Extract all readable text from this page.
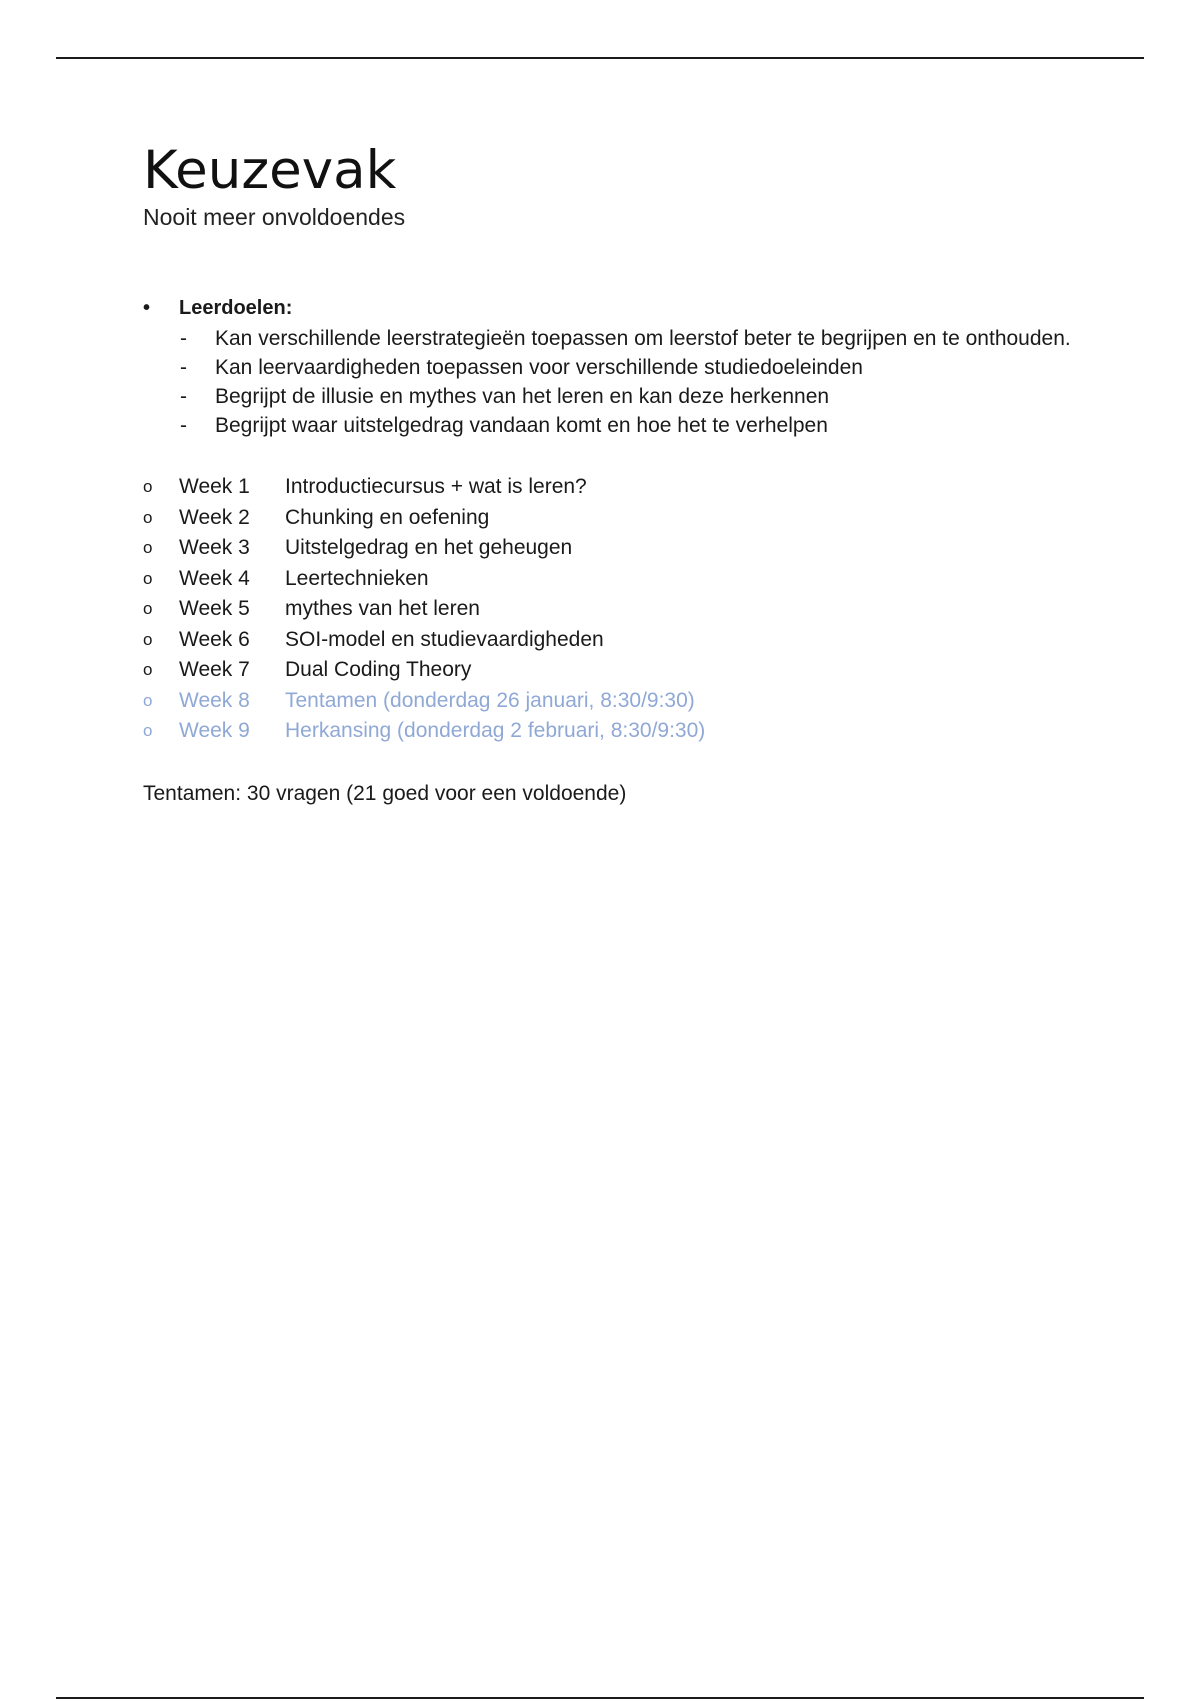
Keuzevak

Nooit meer onvoldoendes

• Leerdoelen:
- Kan verschillende leerstrategieën toepassen om leerstof beter te begrijpen en te onthouden.
- Kan leervaardigheden toepassen voor verschillende studiedoeleinden
- Begrijpt de illusie en mythes van het leren en kan deze herkennen
- Begrijpt waar uitstelgedrag vandaan komt en hoe het te verhelpen
o Week 1 Introductiecursus + wat is leren?
o Week 2 Chunking en oefening
o Week 3 Uitstelgedrag en het geheugen
o Week 4 Leertechnieken
o Week 5 mythes van het leren
o Week 6 SOI-model en studievaardigheden
o Week 7 Dual Coding Theory
o Week 8 Tentamen (donderdag 26 januari, 8:30/9:30)
o Week 9 Herkansing (donderdag 2 februari, 8:30/9:30)

Tentamen: 30 vragen (21 goed voor een voldoende)
